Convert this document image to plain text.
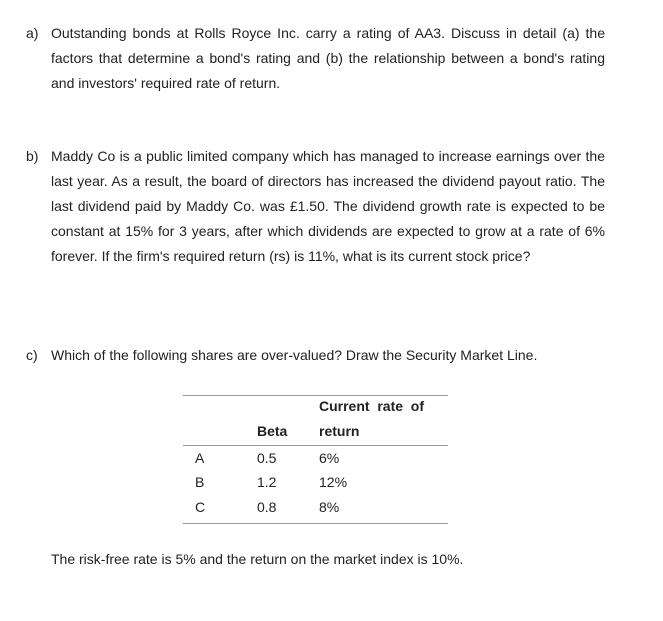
a) Outstanding bonds at Rolls Royce Inc. carry a rating of AA3. Discuss in detail (a) the factors that determine a bond's rating and (b) the relationship between a bond's rating and investors' required rate of return.
b) Maddy Co is a public limited company which has managed to increase earnings over the last year. As a result, the board of directors has increased the dividend payout ratio. The last dividend paid by Maddy Co. was £1.50. The dividend growth rate is expected to be constant at 15% for 3 years, after which dividends are expected to grow at a rate of 6% forever. If the firm's required return (rs) is 11%, what is its current stock price?
c) Which of the following shares are over-valued? Draw the Security Market Line.
Current  rate  of
Beta return
A	0.5	6%
B	1.2	12%
C	0.8	8%
The risk-free rate is 5% and the return on the market index is 10%.
